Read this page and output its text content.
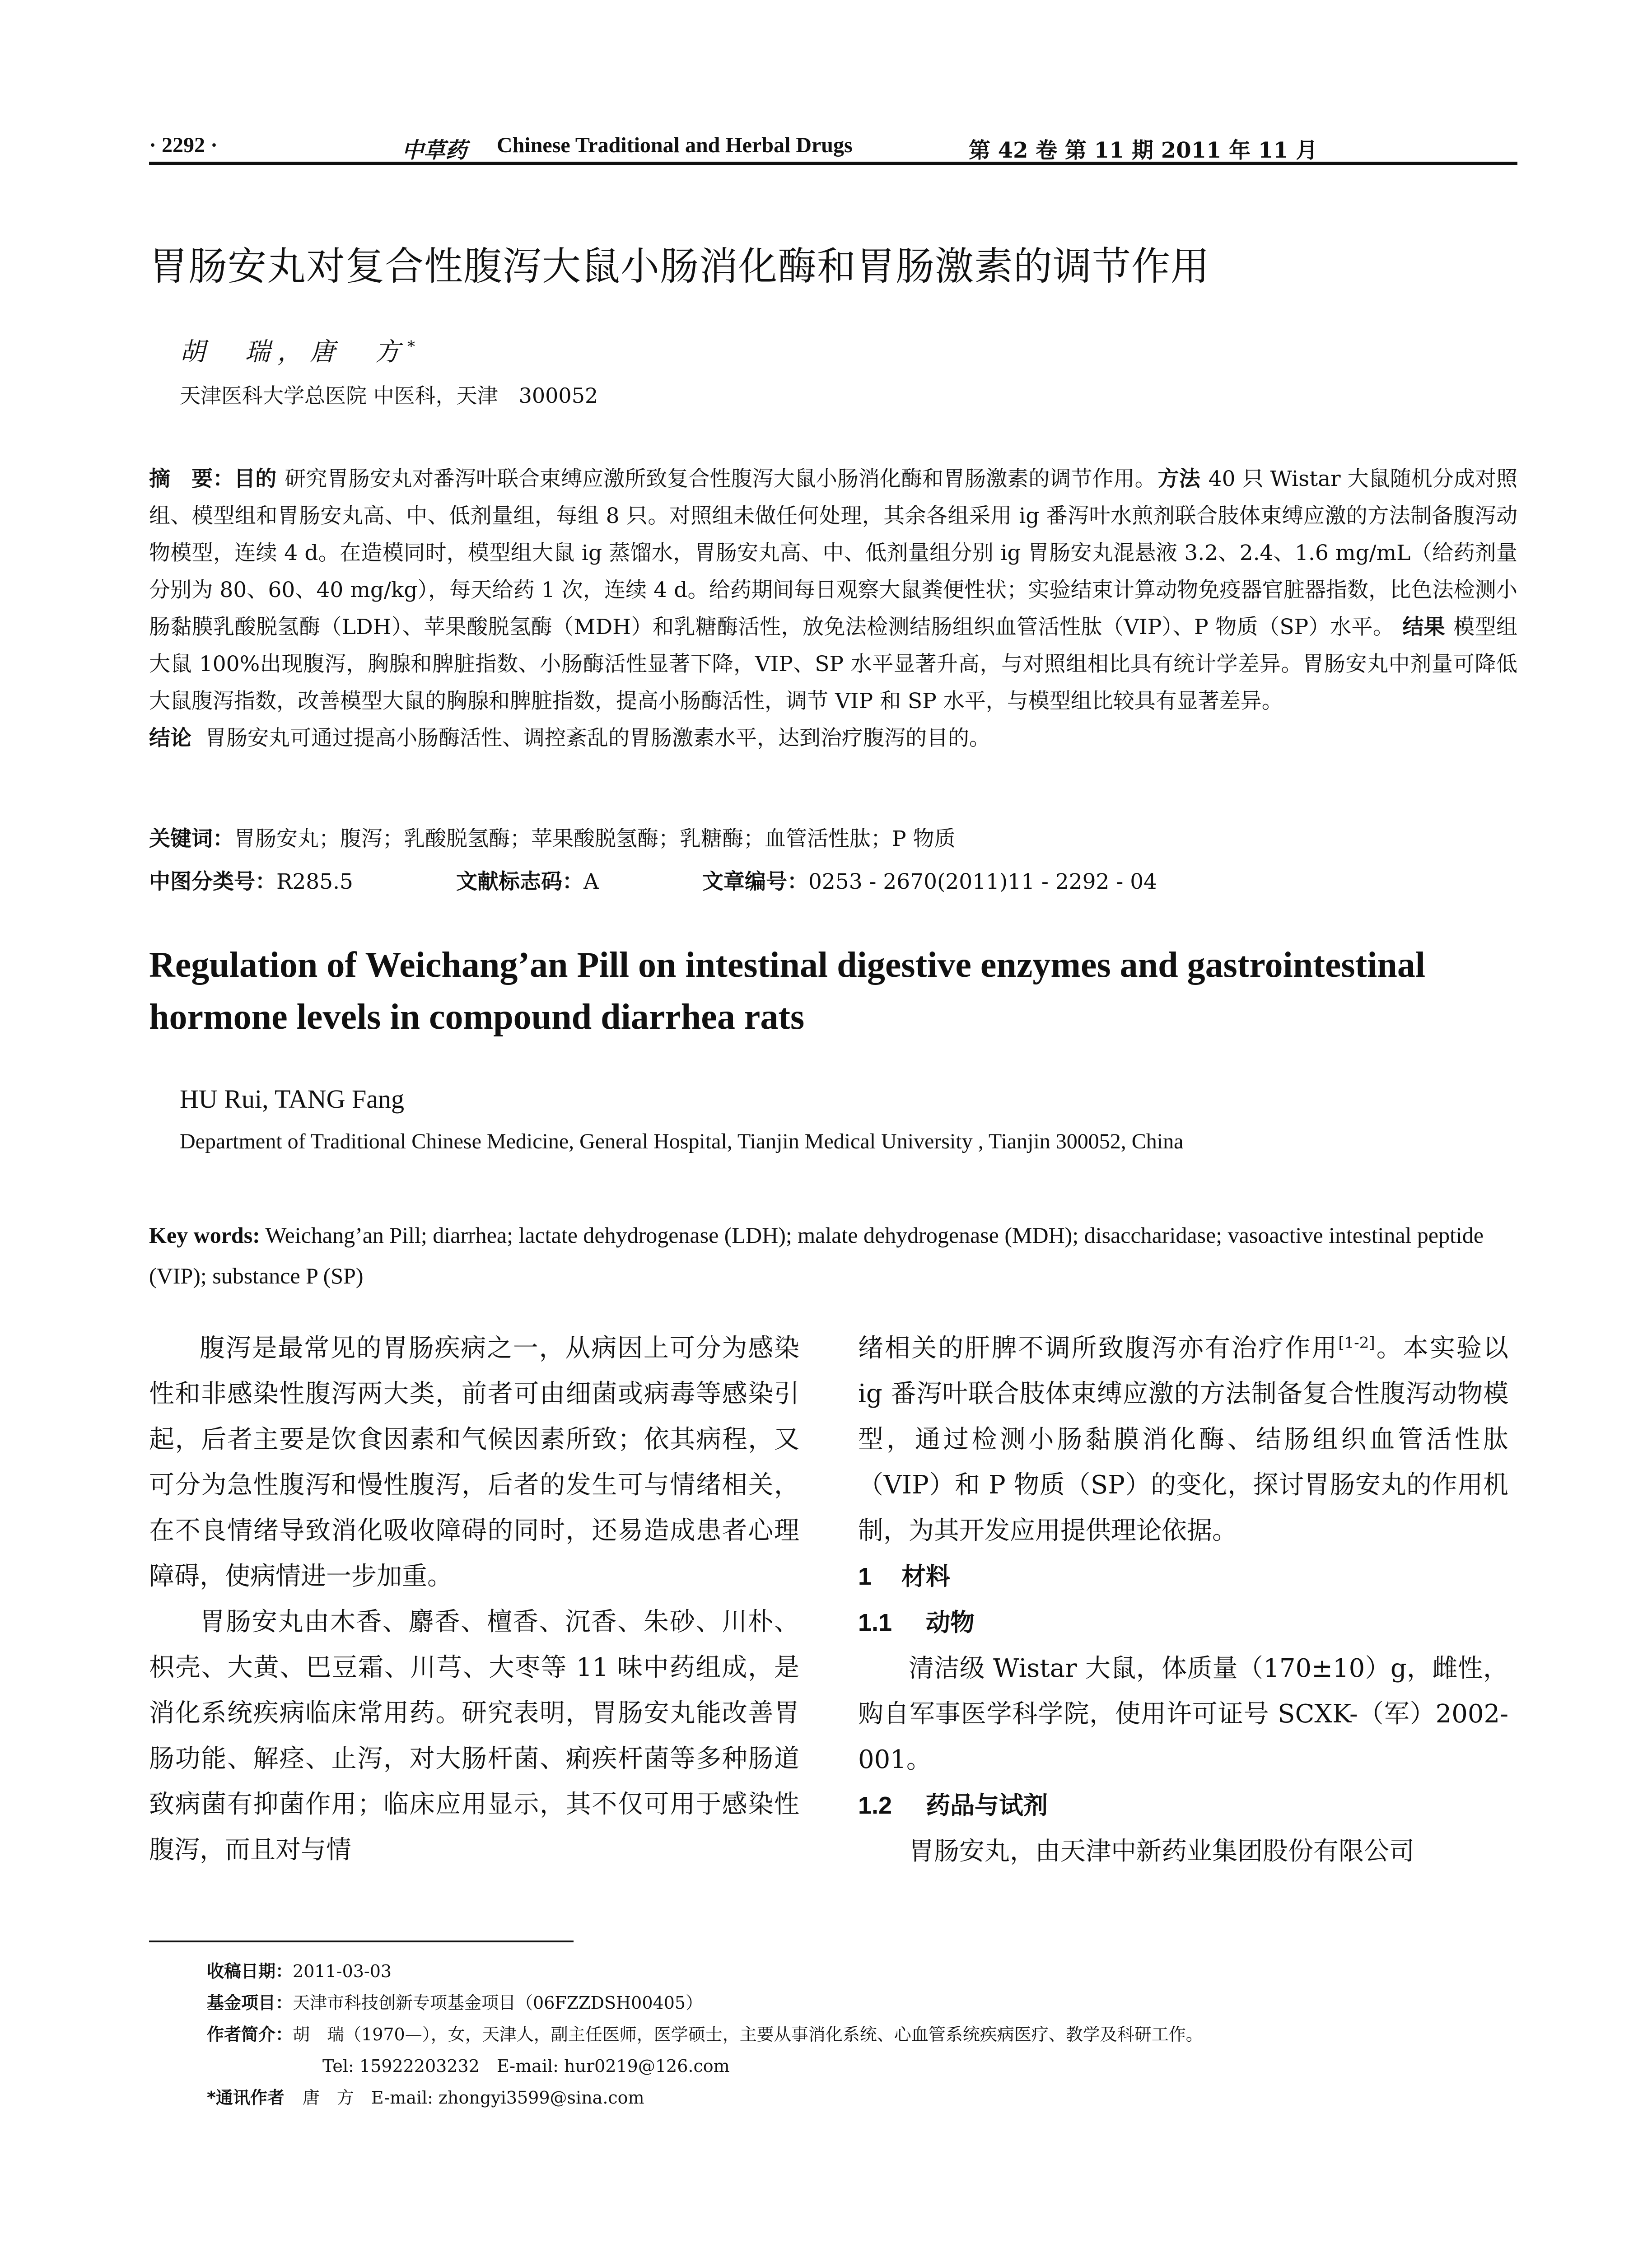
· 2292 ·	中草药 Chinese Traditional and Herbal Drugs	第 42 卷 第 11 期 2011 年 11 月
胃肠安丸对复合性腹泻大鼠小肠消化酶和胃肠激素的调节作用
胡　瑞，唐　方*
天津医科大学总医院 中医科，天津　300052
摘　要：目的 研究胃肠安丸对番泻叶联合束缚应激所致复合性腹泻大鼠小肠消化酶和胃肠激素的调节作用。方法 40 只 Wistar 大鼠随机分成对照组、模型组和胃肠安丸高、中、低剂量组，每组 8 只。对照组未做任何处理，其余各组采用 ig 番泻叶水煎剂联合肢体束缚应激的方法制备腹泻动物模型，连续 4 d。在造模同时，模型组大鼠 ig 蒸馏水，胃肠安丸高、中、低剂量组分别 ig 胃肠安丸混悬液 3.2、2.4、1.6 mg/mL（给药剂量分别为 80、60、40 mg/kg），每天给药 1 次，连续 4 d。给药期间每日观察大鼠粪便性状；实验结束计算动物免疫器官脏器指数，比色法检测小肠黏膜乳酸脱氢酶（LDH）、苹果酸脱氢酶（MDH）和乳糖酶活性，放免法检测结肠组织血管活性肽（VIP）、P 物质（SP）水平。 结果 模型组大鼠 100%出现腹泻，胸腺和脾脏指数、小肠酶活性显著下降，VIP、SP 水平显著升高，与对照组相比具有统计学差异。胃肠安丸中剂量可降低大鼠腹泻指数，改善模型大鼠的胸腺和脾脏指数，提高小肠酶活性，调节 VIP 和 SP 水平，与模型组比较具有显著差异。
结论 胃肠安丸可通过提高小肠酶活性、调控紊乱的胃肠激素水平，达到治疗腹泻的目的。
关键词：胃肠安丸；腹泻；乳酸脱氢酶；苹果酸脱氢酶；乳糖酶；血管活性肽；P 物质
中图分类号：R285.5	文献标志码：A	文章编号：0253 - 2670(2011)11 - 2292 - 04
Regulation of Weichang’an Pill on intestinal digestive enzymes and gastrointestinal hormone levels in compound diarrhea rats
HU Rui, TANG Fang
Department of Traditional Chinese Medicine, General Hospital, Tianjin Medical University , Tianjin 300052, China
Key words: Weichang’an Pill; diarrhea; lactate dehydrogenase (LDH); malate dehydrogenase (MDH); disaccharidase; vasoactive intestinal peptide (VIP); substance P (SP)

腹泻是最常见的胃肠疾病之一，从病因上可分为感染性和非感染性腹泻两大类，前者可由细菌或病毒等感染引起，后者主要是饮食因素和气候因素所致；依其病程，又可分为急性腹泻和慢性腹泻，后者的发生可与情绪相关，在不良情绪导致消化吸收障碍的同时，还易造成患者心理障碍，使病情进一步加重。

胃肠安丸由木香、麝香、檀香、沉香、朱砂、川朴、枳壳、大黄、巴豆霜、川芎、大枣等 11 味中药组成，是消化系统疾病临床常用药。研究表明，胃肠安丸能改善胃肠功能、解痉、止泻，对大肠杆菌、痢疾杆菌等多种肠道致病菌有抑菌作用；临床应用显示，其不仅可用于感染性腹泻，而且对与情

绪相关的肝脾不调所致腹泻亦有治疗作用[1-2]。本实验以 ig 番泻叶联合肢体束缚应激的方法制备复合性腹泻动物模型，通过检测小肠黏膜消化酶、结肠组织血管活性肽（VIP）和 P 物质（SP）的变化，探讨胃肠安丸的作用机制，为其开发应用提供理论依据。

1 材料
1.1 动物

清洁级 Wistar 大鼠，体质量（170±10）g，雌性，购自军事医学科学院，使用许可证号 SCXK-（军）2002-001。

1.2 药品与试剂

胃肠安丸，由天津中新药业集团股份有限公司

收稿日期：2011-03-03
基金项目：天津市科技创新专项基金项目（06FZZDSH00405）
作者简介：胡　瑞（1970—），女，天津人，副主任医师，医学硕士，主要从事消化系统、心血管系统疾病医疗、教学及科研工作。
Tel: 15922203232　E-mail: hur0219@126.com
*通讯作者 唐　方　E-mail: zhongyi3599@sina.com
